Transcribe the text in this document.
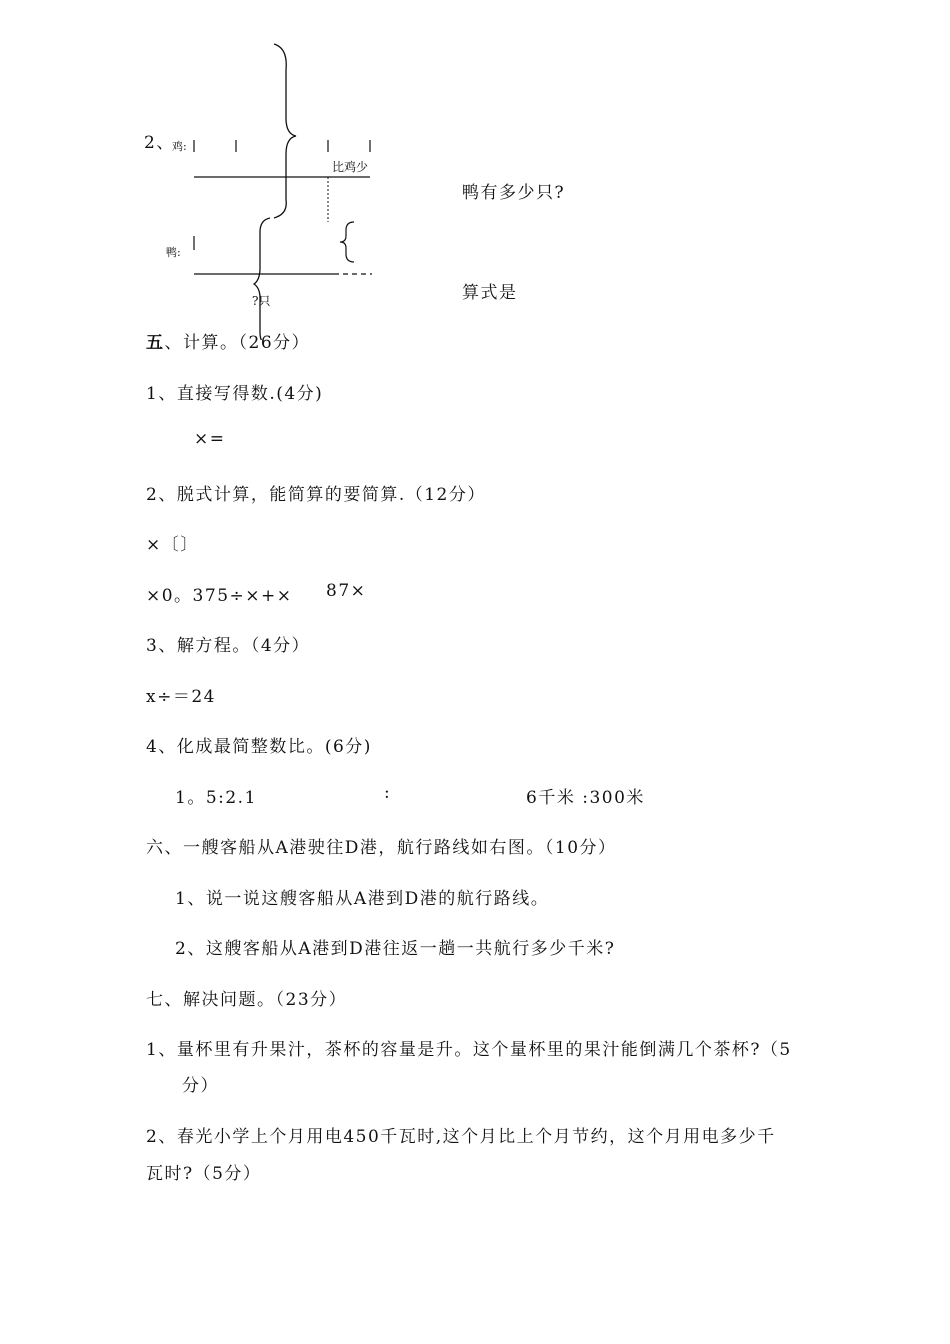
2、
鸡:
鸭:
比鸡少
?只
鸭有多少只?
算式是
五、计算。（26分）
1、直接写得数.(4分)
×=
2、脱式计算，能简算的要简算.（12分）
×〔〕
×0。375÷×+× 87×
3、解方程。（4分）
x÷＝24
4、化成最简整数比。(6分)
1。5:2.1	:	6千米 :300米
六、一艘客船从A港驶往D港，航行路线如右图。（10分）
1、说一说这艘客船从A港到D港的航行路线。
2、这艘客船从A港到D港往返一趟一共航行多少千米?
七、解决问题。（23分）
1、量杯里有升果汁，茶杯的容量是升。这个量杯里的果汁能倒满几个茶杯?（5
分）
2、春光小学上个月用电450千瓦时,这个月比上个月节约，这个月用电多少千
瓦时?（5分）
